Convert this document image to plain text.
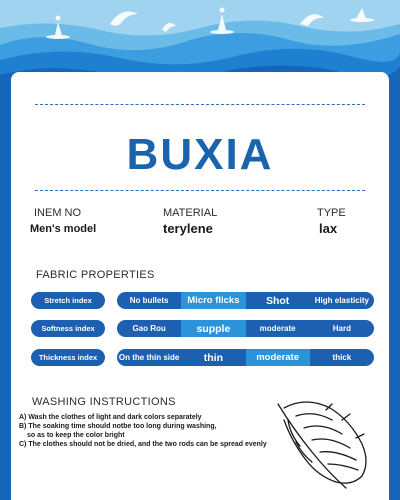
BUXIA
INEM NO
Men's model
MATERIAL
terylene
TYPE
lax
FABRIC PROPERTIES
Stretch index	No bullets	Micro flicks	Shot	High elasticity
Softness index	Gao Rou	supple	moderate	Hard
Thickness index	On the thin side	thin	moderate	thick
WASHING INSTRUCTIONS
A) Wash the clothes of light and dark colors separately
B) The soaking time should notbe too long during washing,
so as to keep the color bright
C) The clothes should not be dried, and the two rods can be spread evenly
